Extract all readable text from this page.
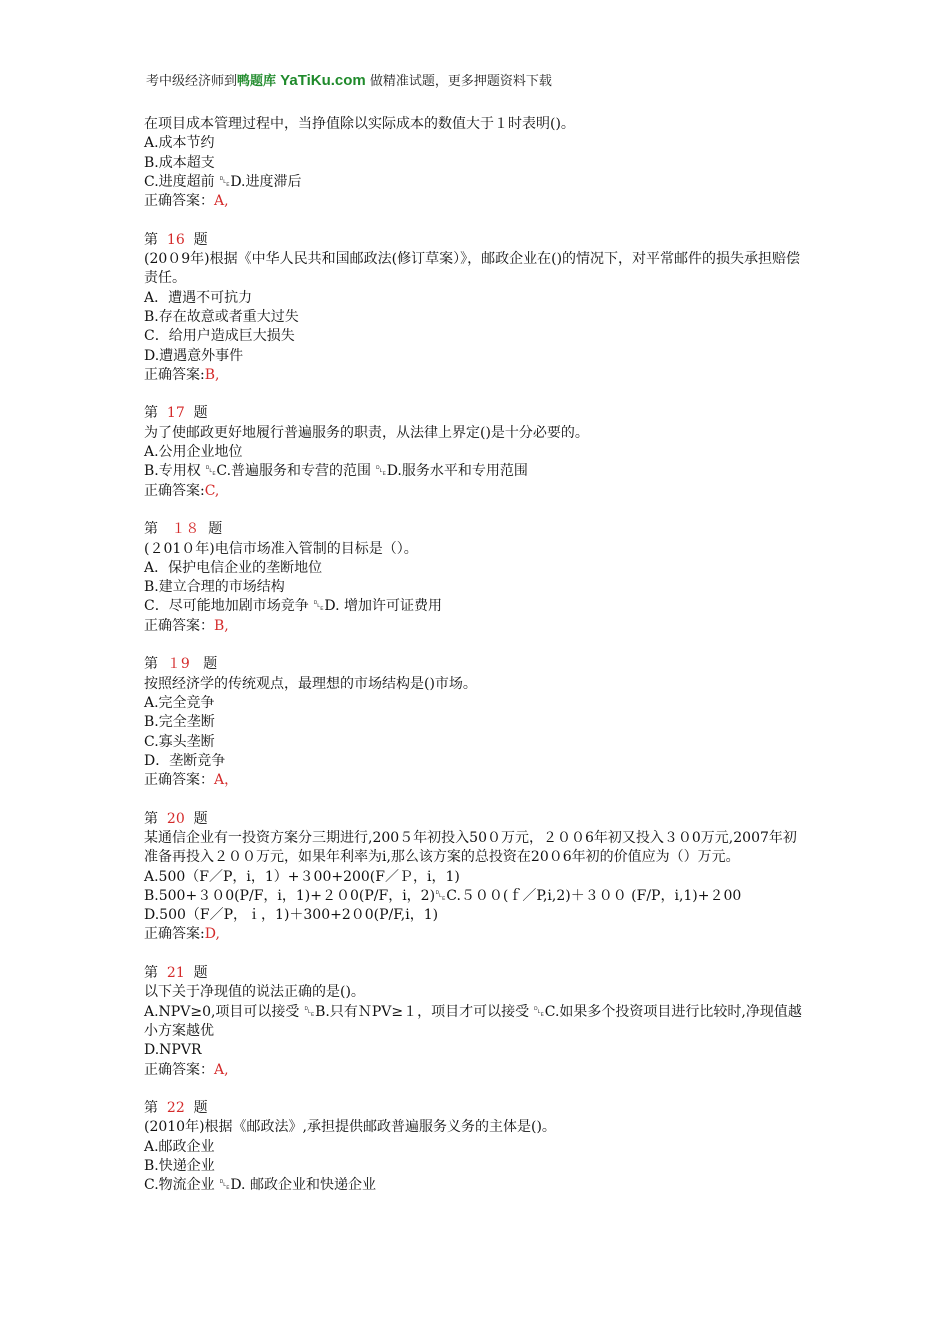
考中级经济师到鸭题库 YaTiKu.com 做精准试题，更多押题资料下载
在项目成本管理过程中，当挣值除以实际成本的数值大于１时表明()。
A.成本节约
B.成本超支
C.进度超前 ␐D.进度滞后
正确答案：A,
第 16 题
(20０9年)根据《中华人民共和国邮政法(修订草案）》，邮政企业在()的情况下，对平常邮件的损失承担赔偿责任。
A．遭遇不可抗力
B.存在故意或者重大过失
C．给用户造成巨大损失
D.遭遇意外事件
正确答案:B,
第 17 题
为了使邮政更好地履行普遍服务的职责，从法律上界定()是十分必要的。
A.公用企业地位
B.专用权 ␐C.普遍服务和专营的范围 ␐D.服务水平和专用范围
正确答案:C,
第 １８ 题
(２01０年)电信市场准入管制的目标是（）。
A．保护电信企业的垄断地位
B.建立合理的市场结构
C．尽可能地加剧市场竞争 ␐D. 增加许可证费用
正确答案：B,
第 １9 题
按照经济学的传统观点，最理想的市场结构是()市场。
A.完全竞争
B.完全垄断
C.寡头垄断
D．垄断竞争
正确答案：A，
第 20 题
某通信企业有一投资方案分三期进行,200５年初投入50０万元，２００6年初又投入３０0万元,2007年初准备再投入２００万元，如果年利率为i,那么该方案的总投资在20０6年初的价值应为（）万元。
A.500（F／P，i，1）+３00+200(F／Ｐ，i，1)
B.500+３０0(P/F，i，1)+２０0(P/F，i，2)␐C.５００(ｆ／P,i,2)＋３００ (F/P，i,1)+２00
D.500（F／P，ｉ，1)＋300+2０0(P/F,i，1)
正确答案:D,
第 21 题
以下关于净现值的说法正确的是()。
A.NPV≥0,项目可以接受 ␐B.只有ＮPV≥１，项目才可以接受 ␐C.如果多个投资项目进行比较时,净现值越小方案越优
D.NPVR
正确答案：A,
第 22 题
(2010年)根据《邮政法》,承担提供邮政普遍服务义务的主体是()。
A.邮政企业
B.快递企业
C.物流企业 ␐D. 邮政企业和快递企业
